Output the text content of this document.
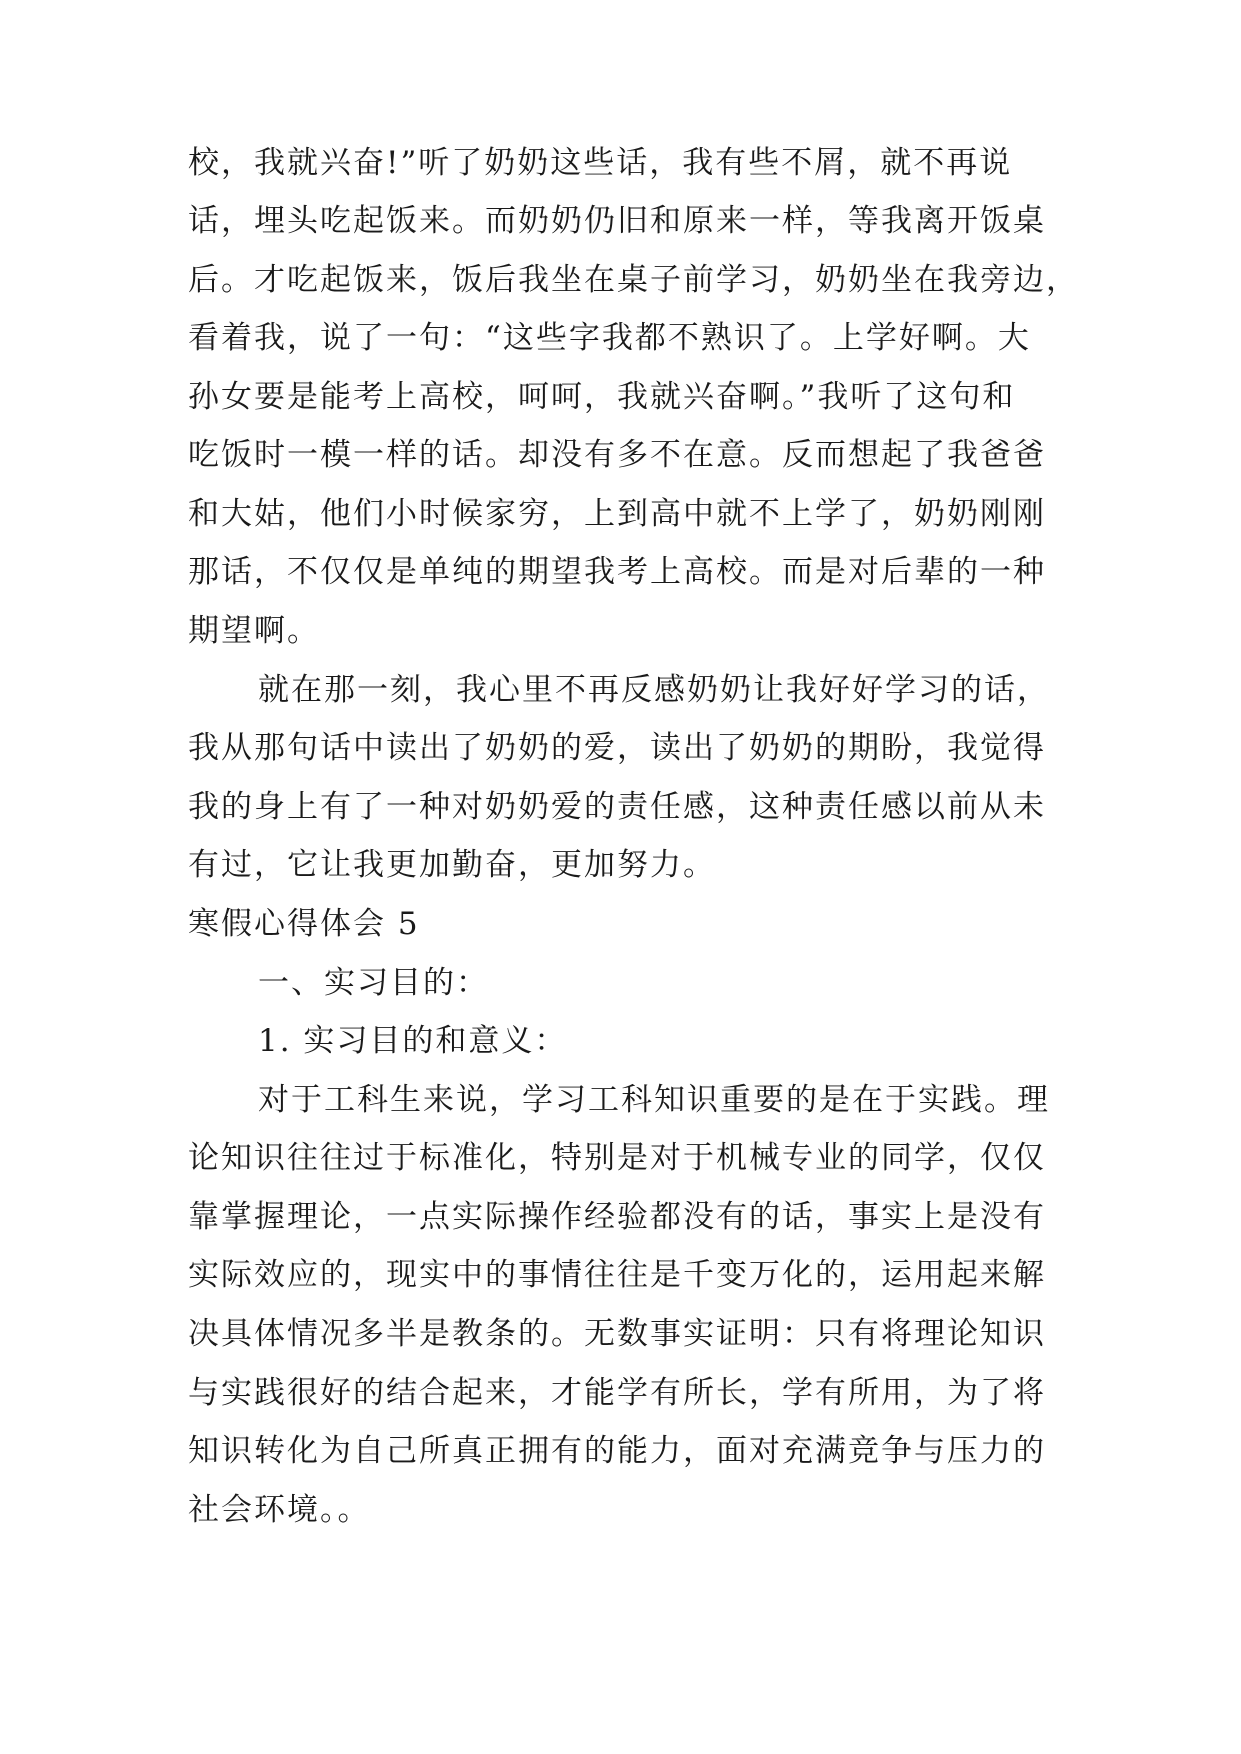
校，我就兴奋!”听了奶奶这些话，我有些不屑，就不再说
话，埋头吃起饭来。而奶奶仍旧和原来一样，等我离开饭桌
后。才吃起饭来，饭后我坐在桌子前学习，奶奶坐在我旁边，
看着我，说了一句：“这些字我都不熟识了。上学好啊。大
孙女要是能考上高校，呵呵，我就兴奋啊。”我听了这句和
吃饭时一模一样的话。却没有多不在意。反而想起了我爸爸
和大姑，他们小时候家穷，上到高中就不上学了，奶奶刚刚
那话，不仅仅是单纯的期望我考上高校。而是对后辈的一种
期望啊。
就在那一刻，我心里不再反感奶奶让我好好学习的话，
我从那句话中读出了奶奶的爱，读出了奶奶的期盼，我觉得
我的身上有了一种对奶奶爱的责任感，这种责任感以前从未
有过，它让我更加勤奋，更加努力。
寒假心得体会 5
一、实习目的：
1. 实习目的和意义：
对于工科生来说，学习工科知识重要的是在于实践。理
论知识往往过于标准化，特别是对于机械专业的同学，仅仅
靠掌握理论，一点实际操作经验都没有的话，事实上是没有
实际效应的，现实中的事情往往是千变万化的，运用起来解
决具体情况多半是教条的。无数事实证明：只有将理论知识
与实践很好的结合起来，才能学有所长，学有所用，为了将
知识转化为自己所真正拥有的能力，面对充满竞争与压力的
社会环境。。
